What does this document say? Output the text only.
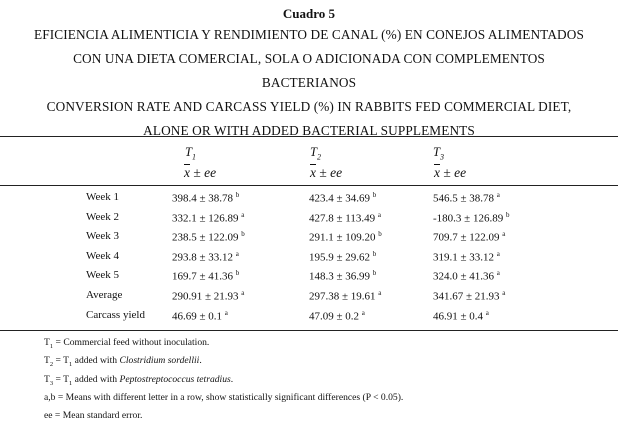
Cuadro 5
EFICIENCIA ALIMENTICIA Y RENDIMIENTO DE CANAL (%) EN CONEJOS ALIMENTADOS
CON UNA DIETA COMERCIAL, SOLA O ADICIONADA CON COMPLEMENTOS
BACTERIANOS
CONVERSION RATE AND CARCASS YIELD (%) IN RABBITS FED COMMERCIAL DIET,
ALONE OR WITH ADDED BACTERIAL SUPPLEMENTS
$T_1$	$T_2$	$T_3$
$\overline{x}$ ± ee	$\overline{x}$ ± ee	$\overline{x}$ ± ee
Week 1	398.4 ± 38.78 $^b$	423.4 ± 34.69 $^b$	546.5 ± 38.78 $^a$
Week 2	332.1 ± 126.89 $^a$	427.8 ± 113.49 $^a$	-180.3 ± 126.89 $^b$
Week 3	238.5 ± 122.09 $^b$	291.1 ± 109.20 $^b$	709.7 ± 122.09 $^a$
Week 4	293.8 ± 33.12 $^a$	195.9 ± 29.62 $^b$	319.1 ± 33.12 $^a$
Week 5	169.7 ± 41.36 $^b$	148.3 ± 36.99 $^b$	324.0 ± 41.36 $^a$
Average	290.91 ± 21.93 $^a$	297.38 ± 19.61 $^a$	341.67 ± 21.93 $^a$
Carcass yield 46.69 ± 0.1 $^a$	47.09 ± 0.2 $^a$	46.91 ± 0.4 $^a$
$T_1$ = Commercial feed without inoculation.
$T_2 = T_1$ added with Clostridium sordellii.
$T_3 = T_1$ added with Peptostreptococcus tetradius.
a,b = Means with different letter in a row, show statistically significant differences (P < 0.05).
ee = Mean standard error.
